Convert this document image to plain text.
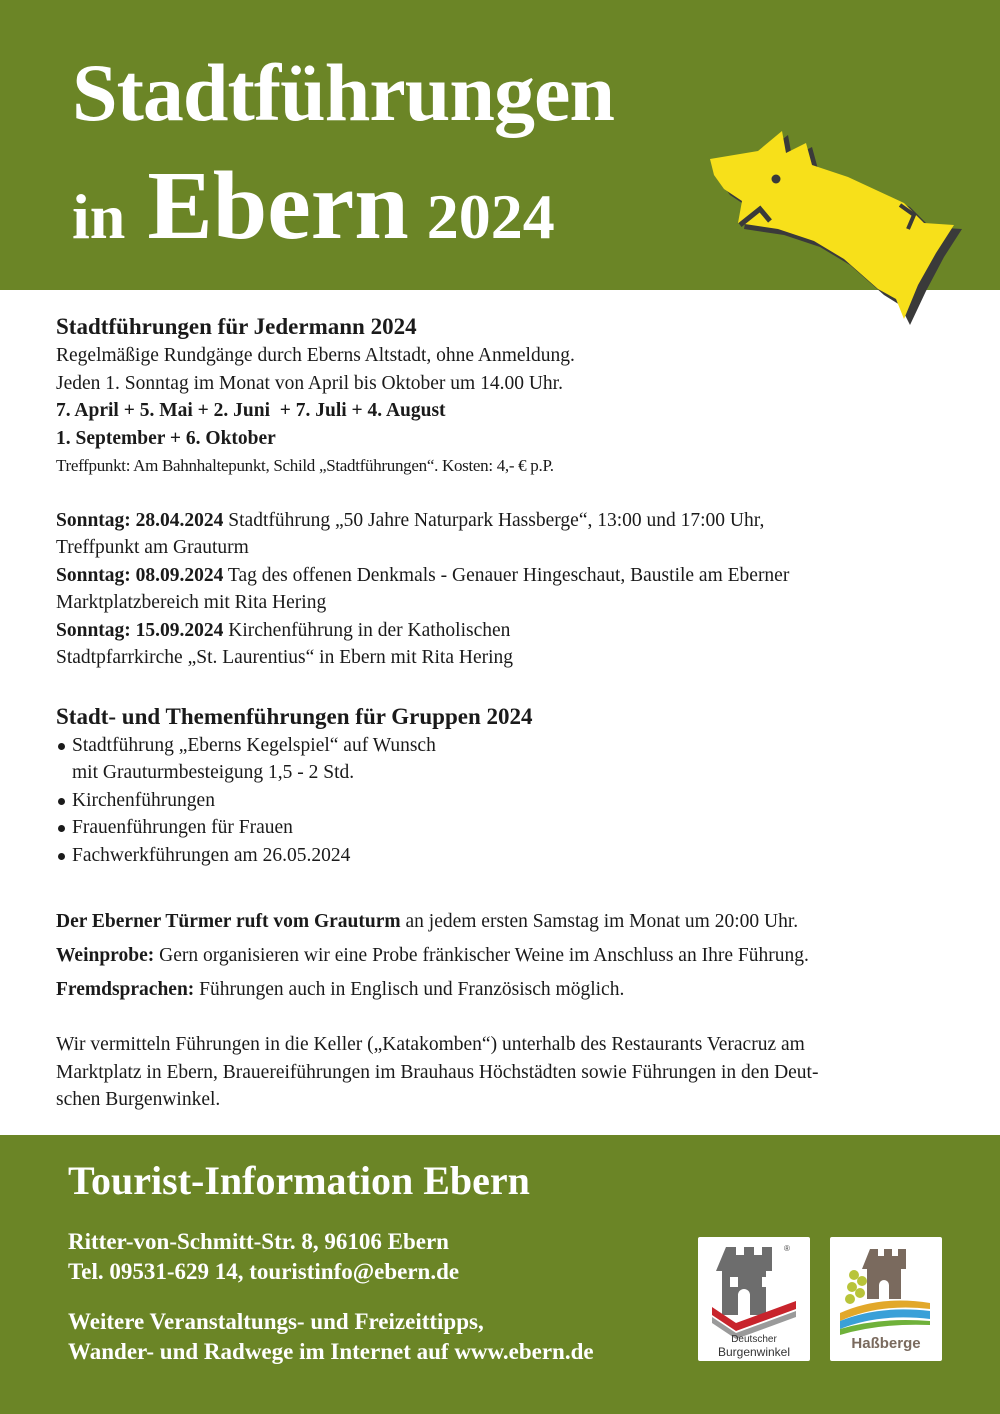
Stadtführungen
in Ebern 2024
Stadtführungen für Jedermann 2024
Regelmäßige Rundgänge durch Eberns Altstadt, ohne Anmeldung.
Jeden 1. Sonntag im Monat von April bis Oktober um 14.00 Uhr.
7. April + 5. Mai + 2. Juni  + 7. Juli + 4. August
1. September + 6. Oktober
Treffpunkt: Am Bahnhaltepunkt, Schild „Stadtführungen“. Kosten: 4,- € p.P.
Sonntag: 28.04.2024 Stadtführung „50 Jahre Naturpark Hassberge“, 13:00 und 17:00 Uhr,
Treffpunkt am Grauturm
Sonntag: 08.09.2024 Tag des offenen Denkmals - Genauer Hingeschaut, Baustile am Eberner
Marktplatzbereich mit Rita Hering
Sonntag: 15.09.2024 Kirchenführung in der Katholischen
Stadtpfarrkirche „St. Laurentius“ in Ebern mit Rita Hering
Stadt- und Themenführungen für Gruppen 2024
Stadtführung „Eberns Kegelspiel“ auf Wunsch
mit Grauturmbesteigung 1,5 - 2 Std.
Kirchenführungen
Frauenführungen für Frauen
Fachwerkführungen am 26.05.2024
Der Eberner Türmer ruft vom Grauturm an jedem ersten Samstag im Monat um 20:00 Uhr.
Weinprobe: Gern organisieren wir eine Probe fränkischer Weine im Anschluss an Ihre Führung.
Fremdsprachen: Führungen auch in Englisch und Französisch möglich.
Wir vermitteln Führungen in die Keller („Katakomben“) unterhalb des Restaurants Veracruz am
Marktplatz in Ebern, Brauereiführungen im Brauhaus Höchstädten sowie Führungen in den Deut-
schen Burgenwinkel.
Tourist-Information Ebern
Ritter-von-Schmitt-Str. 8, 96106 Ebern
Tel. 09531-629 14, touristinfo@ebern.de
Weitere Veranstaltungs- und Freizeittipps,
Wander- und Radwege im Internet auf www.ebern.de
®
Deutscher
Burgenwinkel	Haßberge
